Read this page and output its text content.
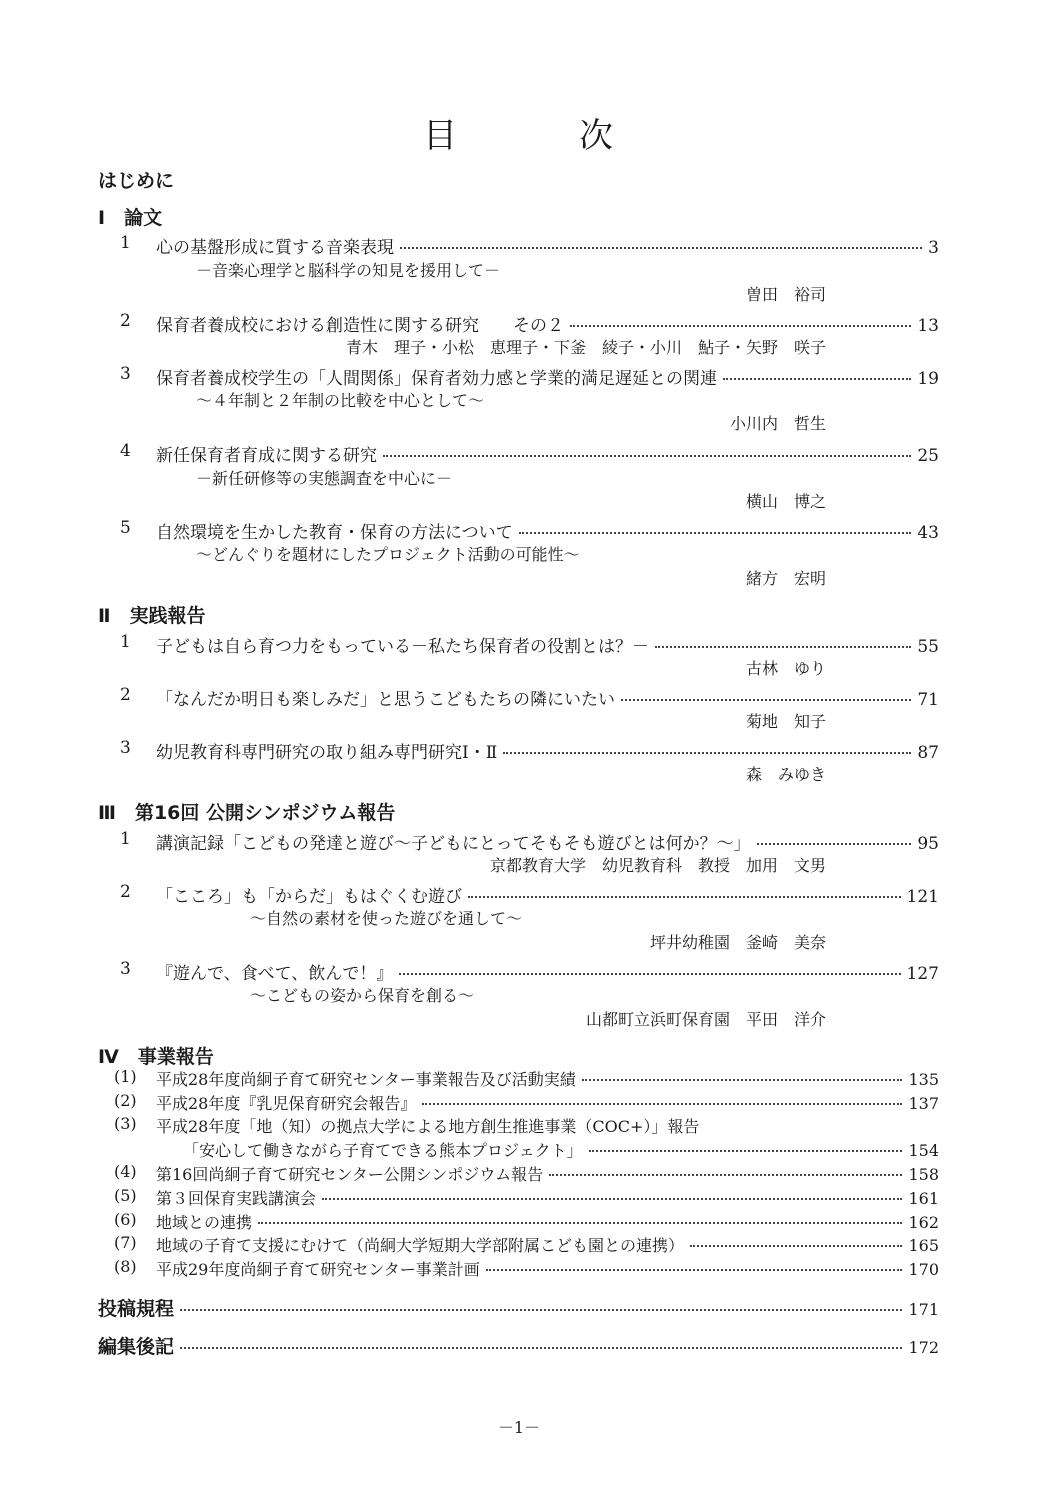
目	次
はじめに
Ⅰ　論文
1 心の基盤形成に質する音楽表現	3
－音楽心理学と脳科学の知見を援用して－
曽田　裕司
2 保育者養成校における創造性に関する研究　　その２	13
青木　理子・小松　恵理子・下釜　綾子・小川　鮎子・矢野　咲子
3 保育者養成校学生の「人間関係」保育者効力感と学業的満足遅延との関連	19
～４年制と２年制の比較を中心として～
小川内　哲生
4 新任保育者育成に関する研究	25
－新任研修等の実態調査を中心に－
横山　博之
5 自然環境を生かした教育・保育の方法について	43
～どんぐりを題材にしたプロジェクト活動の可能性～
緒方　宏明
Ⅱ　実践報告
1 子どもは自ら育つ力をもっている－私たち保育者の役割とは？－	55
古林　ゆり
2 「なんだか明日も楽しみだ」と思うこどもたちの隣にいたい	71
菊地　知子
3 幼児教育科専門研究の取り組み専門研究Ⅰ・Ⅱ	87
森　みゆき
Ⅲ　第16回 公開シンポジウム報告
1 講演記録「こどもの発達と遊び～子どもにとってそもそも遊びとは何か？～」	95
京都教育大学　幼児教育科　教授　加用　文男
2 「こころ」も「からだ」もはぐくむ遊び	121
～自然の素材を使った遊びを通して～
坪井幼稚園　釜崎　美奈
3 『遊んで、食べて、飲んで！』	127
～こどもの姿から保育を創る～
山都町立浜町保育園　平田　洋介
Ⅳ　事業報告
(1) 平成28年度尚絅子育て研究センター事業報告及び活動実績	135
(2) 平成28年度『乳児保育研究会報告』	137
(3) 平成28年度「地（知）の拠点大学による地方創生推進事業（COC+）」報告
「安心して働きながら子育てできる熊本プロジェクト」	154
(4) 第16回尚絅子育て研究センター公開シンポジウム報告	158
(5) 第３回保育実践講演会	161
(6) 地域との連携	162
(7) 地域の子育て支援にむけて（尚絅大学短期大学部附属こども園との連携）	165
(8) 平成29年度尚絅子育て研究センター事業計画	170
投稿規程	171
編集後記	172
－1－
